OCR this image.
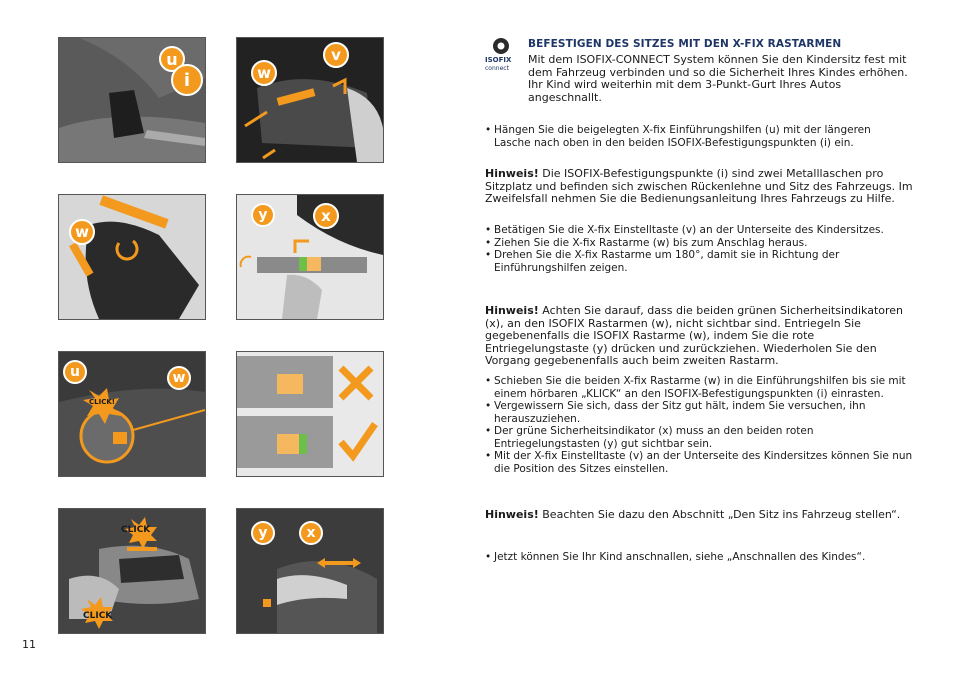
u
i
w
u	w
CLICK!
CLICK
CLICK
v
w
y	x
y	x
ISOFIX
connect
BEFESTIGEN DES SITZES MIT DEN X-FIX RASTARMEN
Mit dem ISOFIX-CONNECT System können Sie den Kindersitz fest mit dem Fahrzeug verbinden und so die Sicherheit Ihres Kindes erhöhen. Ihr Kind wird weiterhin mit dem 3-Punkt-Gurt Ihres Autos angeschnallt.
• Hängen Sie die beigelegten X-fix Einführungshilfen (u) mit der längeren Lasche nach oben in den beiden ISOFIX-Befestigungspunkten (i) ein.
Hinweis! Die ISOFIX-Befestigungspunkte (i) sind zwei Metalllaschen pro Sitzplatz und befinden sich zwischen Rückenlehne und Sitz des Fahrzeugs. Im Zweifelsfall nehmen Sie die Bedienungsanleitung Ihres Fahrzeugs zu Hilfe.
• Betätigen Sie die X-fix Einstelltaste (v) an der Unterseite des Kindersitzes.
• Ziehen Sie die X-fix Rastarme (w) bis zum Anschlag heraus.
• Drehen Sie die X-fix Rastarme um 180°, damit sie in Richtung der Einführungshilfen zeigen.
Hinweis! Achten Sie darauf, dass die beiden grünen Sicherheitsindikatoren (x), an den ISOFIX Rastarmen (w), nicht sichtbar sind. Entriegeln Sie gegebenenfalls die ISOFIX Rastarme (w), indem Sie die rote Entriegelungstaste (y) drücken und zurückziehen. Wiederholen Sie den Vorgang gegebenenfalls auch beim zweiten Rastarm.
• Schieben Sie die beiden X-fix Rastarme (w) in die Einführungshilfen bis sie mit einem hörbaren „KLICK“ an den ISOFIX-Befestigungspunkten (i) einrasten.
• Vergewissern Sie sich, dass der Sitz gut hält, indem Sie versuchen, ihn herauszuziehen.
• Der grüne Sicherheitsindikator (x) muss an den beiden roten Entriegelungstasten (y) gut sichtbar sein.
• Mit der X-fix Einstelltaste (v) an der Unterseite des Kindersitzes können Sie nun die Position des Sitzes einstellen.
Hinweis! Beachten Sie dazu den Abschnitt „Den Sitz ins Fahrzeug stellen“.
• Jetzt können Sie Ihr Kind anschnallen, siehe „Anschnallen des Kindes“.
11
